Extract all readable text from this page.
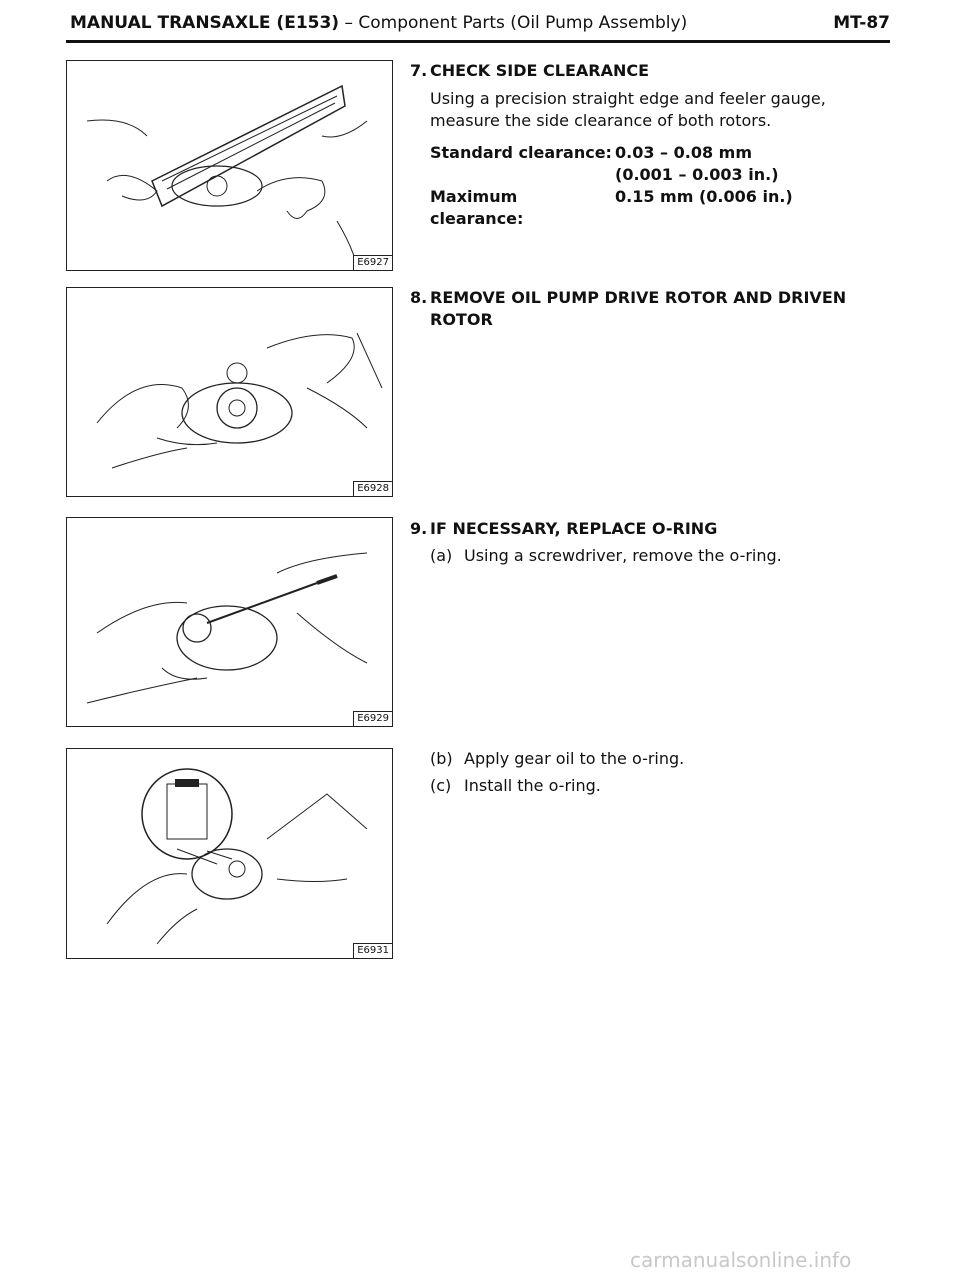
MANUAL TRANSAXLE (E153) – Component Parts (Oil Pump Assembly)	MT-87
E6927
E6928
E6929
E6931
7. CHECK SIDE CLEARANCE

Using a precision straight edge and feeler gauge, measure the side clearance of both rotors.

Standard clearance: 0.03 – 0.08 mm
(0.001 – 0.003 in.)
Maximum clearance:
0.15 mm (0.006 in.)
8. REMOVE OIL PUMP DRIVE ROTOR AND DRIVEN ROTOR
9. IF NECESSARY, REPLACE O-RING
(a) Using a screwdriver, remove the o-ring.
(b) Apply gear oil to the o-ring.
(c) Install the o-ring.
carmanualsonline.info
